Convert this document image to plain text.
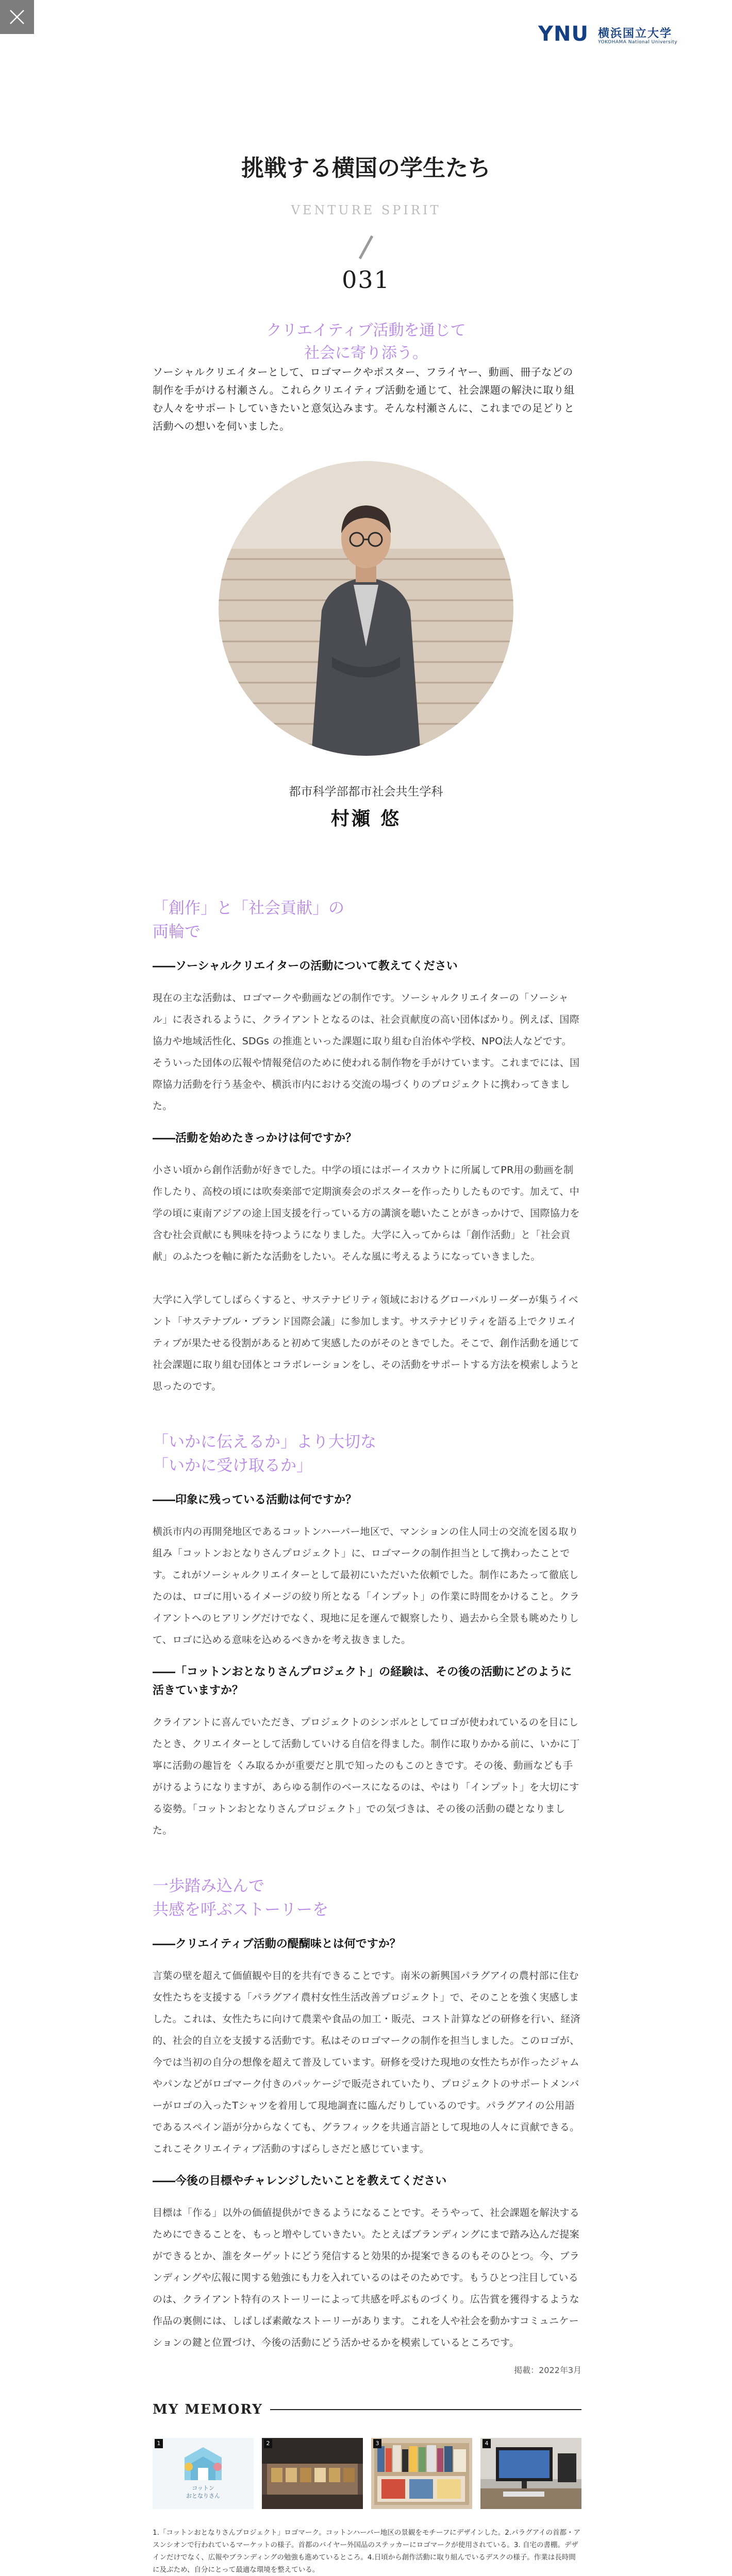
YNU 横浜国立大学
YOKOHAMA National University
挑戦する横国の学生たち
VENTURE SPIRIT
031
クリエイティブ活動を通じて
社会に寄り添う。

ソーシャルクリエイターとして、ロゴマークやポスター、フライヤー、動画、冊子などの制作を手がける村瀬さん。これらクリエイティブ活動を通じて、社会課題の解決に取り組む人々をサポートしていきたいと意気込みます。そんな村瀬さんに、これまでの足どりと活動への想いを伺いました。

都市科学部都市社会共生学科
村瀬 悠
「創作」と「社会貢献」の
両輪で

――ソーシャルクリエイターの活動について教えてください

現在の主な活動は、ロゴマークや動画などの制作です。ソーシャルクリエイターの「ソーシャル」に表されるように、クライアントとなるのは、社会貢献度の高い団体ばかり。例えば、国際協力や地域活性化、SDGs の推進といった課題に取り組む自治体や学校、NPO法人などです。そういった団体の広報や情報発信のために使われる制作物を手がけています。これまでには、国際協力活動を行う基金や、横浜市内における交流の場づくりのプロジェクトに携わってきました。

――活動を始めたきっかけは何ですか？

小さい頃から創作活動が好きでした。中学の頃にはボーイスカウトに所属してPR用の動画を制作したり、高校の頃には吹奏楽部で定期演奏会のポスターを作ったりしたものです。加えて、中学の頃に東南アジアの途上国支援を行っている方の講演を聴いたことがきっかけで、国際協力を含む社会貢献にも興味を持つようになりました。大学に入ってからは「創作活動」と「社会貢献」のふたつを軸に新たな活動をしたい。そんな風に考えるようになっていきました。

大学に入学してしばらくすると、サステナビリティ領域におけるグローバルリーダーが集うイベント「サステナブル・ブランド国際会議」に参加します。サステナビリティを語る上でクリエイティブが果たせる役割があると初めて実感したのがそのときでした。そこで、創作活動を通じて社会課題に取り組む団体とコラボレーションをし、その活動をサポートする方法を模索しようと思ったのです。

「いかに伝えるか」より大切な
「いかに受け取るか」

――印象に残っている活動は何ですか？

横浜市内の再開発地区であるコットンハーバー地区で、マンションの住人同士の交流を図る取り組み「コットンおとなりさんプロジェクト」に、ロゴマークの制作担当として携わったことです。これがソーシャルクリエイターとして最初にいただいた依頼でした。制作にあたって徹底したのは、ロゴに用いるイメージの絞り所となる「インプット」の作業に時間をかけること。クライアントへのヒアリングだけでなく、現地に足を運んで観察したり、過去から全景も眺めたりして、ロゴに込める意味を込めるべきかを考え抜きました。

――「コットンおとなりさんプロジェクト」の経験は、その後の活動にどのように活きていますか？

クライアントに喜んでいただき、プロジェクトのシンボルとしてロゴが使われているのを目にしたとき、クリエイターとして活動していける自信を得ました。制作に取りかかる前に、いかに丁寧に活動の趣旨を くみ取るかが重要だと肌で知ったのもこのときです。その後、動画なども手がけるようになりますが、あらゆる制作のベースになるのは、やはり「インプット」を大切にする姿勢。「コットンおとなりさんプロジェクト」での気づきは、その後の活動の礎となりました。

一歩踏み込んで
共感を呼ぶストーリーを

――クリエイティブ活動の醍醐味とは何ですか？

言葉の壁を超えて価値観や目的を共有できることです。南米の新興国パラグアイの農村部に住む女性たちを支援する「パラグアイ農村女性生活改善プロジェクト」で、そのことを強く実感しました。これは、女性たちに向けて農業や食品の加工・販売、コスト計算などの研修を行い、経済的、社会的自立を支援する活動です。私はそのロゴマークの制作を担当しました。このロゴが、今では当初の自分の想像を超えて普及しています。研修を受けた現地の女性たちが作ったジャムやパンなどがロゴマーク付きのパッケージで販売されていたり、プロジェクトのサポートメンバーがロゴの入ったTシャツを着用して現地調査に臨んだりしているのです。パラグアイの公用語であるスペイン語が分からなくても、グラフィックを共通言語として現地の人々に貢献できる。これこそクリエイティブ活動のすばらしさだと感じています。

――今後の目標やチャレンジしたいことを教えてください

目標は「作る」以外の価値提供ができるようになることです。そうやって、社会課題を解決するためにできることを、もっと増やしていきたい。たとえばブランディングにまで踏み込んだ提案ができるとか、誰をターゲットにどう発信すると効果的か提案できるのもそのひとつ。今、ブランディングや広報に関する勉強にも力を入れているのはそのためです。もうひとつ注目しているのは、クライアント特有のストーリーによって共感を呼ぶものづくり。広告賞を獲得するような作品の裏側には、しばしば素敵なストーリーがあります。これを人や社会を動かすコミュニケーションの鍵と位置づけ、今後の活動にどう活かせるかを模索しているところです。

掲載：2022年3月

MY MEMORY
コットン
おとなりさん
1	2	3	4
1.「コットンおとなりさんプロジェクト」ロゴマーク。コットンハーバー地区の景観をモチーフにデザインした。2.パラグアイの首都・アスンシオンで行われているマーケットの様子。首都のバイヤー外国品のステッカーにロゴマークが使用されている。3. 自宅の書棚。デザインだけでなく、広報やブランディングの勉強も進めているところ。4.日頃から創作活動に取り組んでいるデスクの様子。作業は長時間に及ぶため、自分にとって最適な環境を整えている。
